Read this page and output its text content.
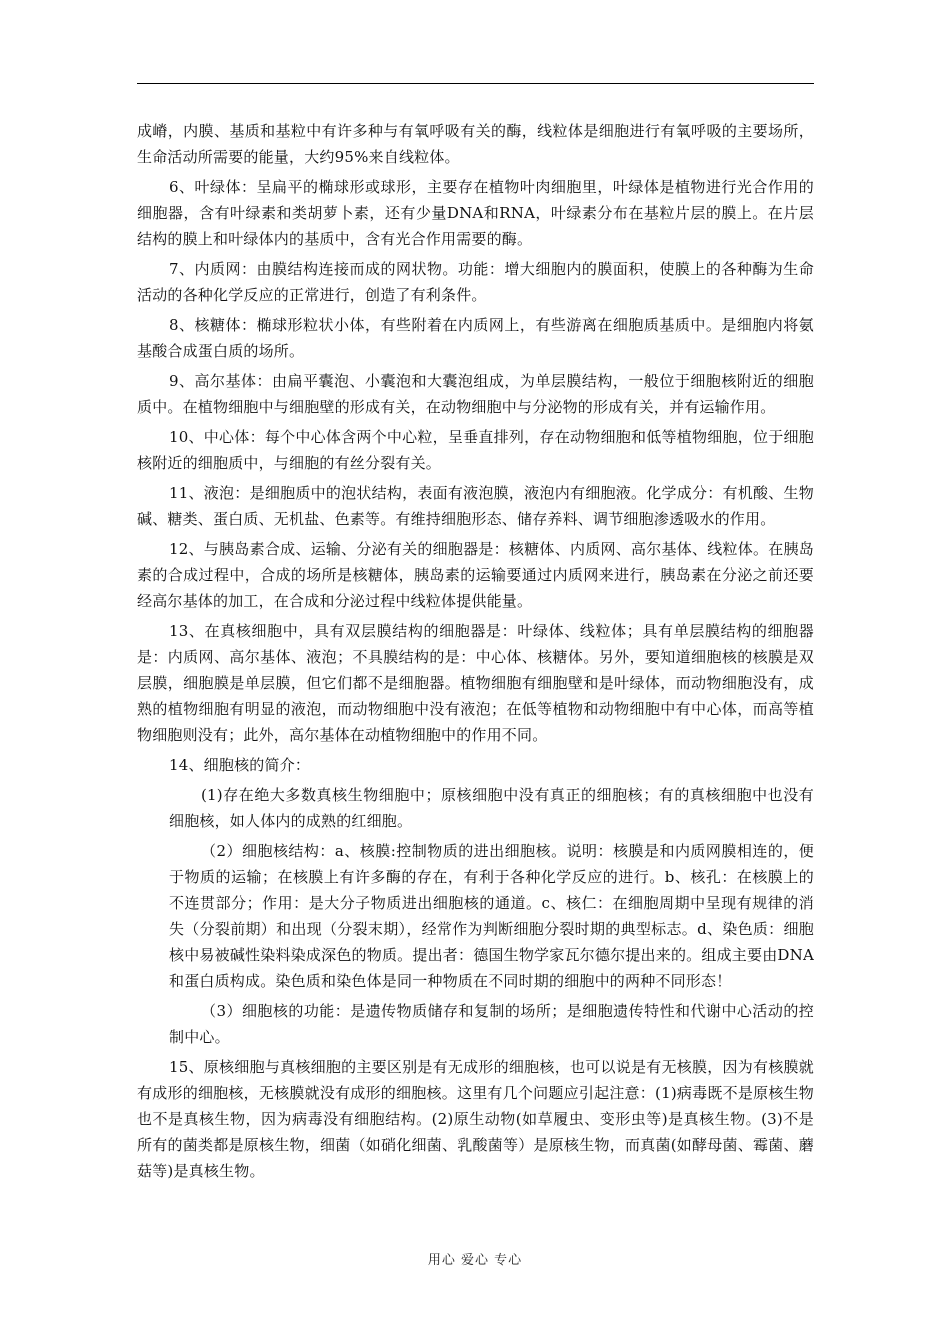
成嵴，内膜、基质和基粒中有许多种与有氧呼吸有关的酶，线粒体是细胞进行有氧呼吸的主要场所，生命活动所需要的能量，大约95%来自线粒体。

6、叶绿体：呈扁平的椭球形或球形，主要存在植物叶肉细胞里，叶绿体是植物进行光合作用的细胞器，含有叶绿素和类胡萝卜素，还有少量DNA和RNA，叶绿素分布在基粒片层的膜上。在片层结构的膜上和叶绿体内的基质中，含有光合作用需要的酶。

7、内质网：由膜结构连接而成的网状物。功能：增大细胞内的膜面积，使膜上的各种酶为生命活动的各种化学反应的正常进行，创造了有利条件。

8、核糖体：椭球形粒状小体，有些附着在内质网上，有些游离在细胞质基质中。是细胞内将氨基酸合成蛋白质的场所。

9、高尔基体：由扁平囊泡、小囊泡和大囊泡组成，为单层膜结构，一般位于细胞核附近的细胞质中。在植物细胞中与细胞壁的形成有关，在动物细胞中与分泌物的形成有关，并有运输作用。

10、中心体：每个中心体含两个中心粒，呈垂直排列，存在动物细胞和低等植物细胞，位于细胞核附近的细胞质中，与细胞的有丝分裂有关。

11、液泡：是细胞质中的泡状结构，表面有液泡膜，液泡内有细胞液。化学成分：有机酸、生物碱、糖类、蛋白质、无机盐、色素等。有维持细胞形态、储存养料、调节细胞渗透吸水的作用。

12、与胰岛素合成、运输、分泌有关的细胞器是：核糖体、内质网、高尔基体、线粒体。在胰岛素的合成过程中，合成的场所是核糖体，胰岛素的运输要通过内质网来进行，胰岛素在分泌之前还要经高尔基体的加工，在合成和分泌过程中线粒体提供能量。

13、在真核细胞中，具有双层膜结构的细胞器是：叶绿体、线粒体；具有单层膜结构的细胞器是：内质网、高尔基体、液泡；不具膜结构的是：中心体、核糖体。另外，要知道细胞核的核膜是双层膜，细胞膜是单层膜，但它们都不是细胞器。植物细胞有细胞壁和是叶绿体，而动物细胞没有，成熟的植物细胞有明显的液泡，而动物细胞中没有液泡；在低等植物和动物细胞中有中心体，而高等植物细胞则没有；此外，高尔基体在动植物细胞中的作用不同。

14、细胞核的简介：

(1)存在绝大多数真核生物细胞中；原核细胞中没有真正的细胞核；有的真核细胞中也没有细胞核，如人体内的成熟的红细胞。

（2）细胞核结构：a、核膜:控制物质的进出细胞核。说明：核膜是和内质网膜相连的，便于物质的运输；在核膜上有许多酶的存在，有利于各种化学反应的进行。b、核孔：在核膜上的不连贯部分；作用：是大分子物质进出细胞核的通道。c、核仁：在细胞周期中呈现有规律的消失（分裂前期）和出现（分裂末期），经常作为判断细胞分裂时期的典型标志。d、染色质：细胞核中易被碱性染料染成深色的物质。提出者：德国生物学家瓦尔德尔提出来的。组成主要由DNA和蛋白质构成。染色质和染色体是同一种物质在不同时期的细胞中的两种不同形态！

（3）细胞核的功能：是遗传物质储存和复制的场所；是细胞遗传特性和代谢中心活动的控制中心。

15、原核细胞与真核细胞的主要区别是有无成形的细胞核，也可以说是有无核膜，因为有核膜就有成形的细胞核，无核膜就没有成形的细胞核。这里有几个问题应引起注意：(1)病毒既不是原核生物也不是真核生物，因为病毒没有细胞结构。(2)原生动物(如草履虫、变形虫等)是真核生物。(3)不是所有的菌类都是原核生物，细菌（如硝化细菌、乳酸菌等）是原核生物，而真菌(如酵母菌、霉菌、蘑菇等)是真核生物。

用心 爱心 专心
